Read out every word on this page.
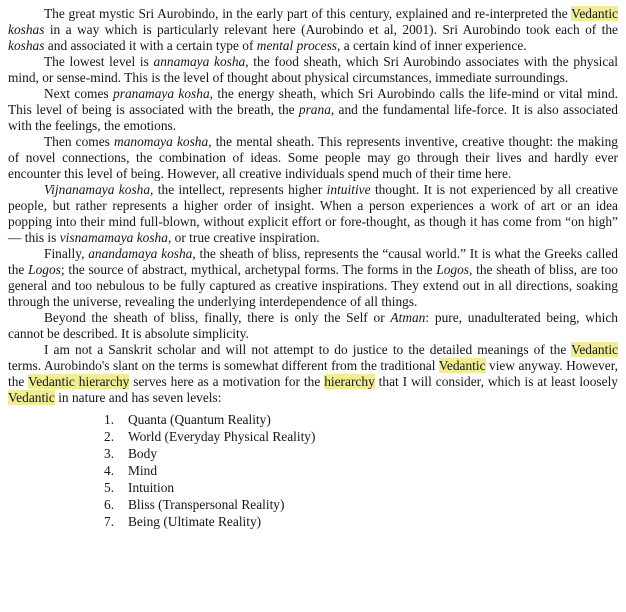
The great mystic Sri Aurobindo, in the early part of this century, explained and re-interpreted the Vedantic koshas in a way which is particularly relevant here (Aurobindo et al, 2001). Sri Aurobindo took each of the koshas and associated it with a certain type of mental process, a certain kind of inner experience.

The lowest level is annamaya kosha, the food sheath, which Sri Aurobindo associates with the physical mind, or sense-mind. This is the level of thought about physical circumstances, immediate surroundings.

Next comes pranamaya kosha, the energy sheath, which Sri Aurobindo calls the life-mind or vital mind. This level of being is associated with the breath, the prana, and the fundamental life-force. It is also associated with the feelings, the emotions.

Then comes manomaya kosha, the mental sheath. This represents inventive, creative thought: the making of novel connections, the combination of ideas. Some people may go through their lives and hardly ever encounter this level of being. However, all creative individuals spend much of their time here.

Vijnanamaya kosha, the intellect, represents higher intuitive thought. It is not experienced by all creative people, but rather represents a higher order of insight. When a person experiences a work of art or an idea popping into their mind full-blown, without explicit effort or fore-thought, as though it has come from “on high” — this is visnamamaya kosha, or true creative inspiration.

Finally, anandamaya kosha, the sheath of bliss, represents the “causal world.” It is what the Greeks called the Logos; the source of abstract, mythical, archetypal forms. The forms in the Logos, the sheath of bliss, are too general and too nebulous to be fully captured as creative inspirations. They extend out in all directions, soaking through the universe, revealing the underlying interdependence of all things.

Beyond the sheath of bliss, finally, there is only the Self or Atman: pure, unadulterated being, which cannot be described. It is absolute simplicity.

I am not a Sanskrit scholar and will not attempt to do justice to the detailed meanings of the Vedantic terms. Aurobindo's slant on the terms is somewhat different from the traditional Vedantic view anyway. However, the Vedantic hierarchy serves here as a motivation for the hierarchy that I will consider, which is at least loosely Vedantic in nature and has seven levels:

1. Quanta (Quantum Reality)
2. World (Everyday Physical Reality)
3. Body
4. Mind
5. Intuition
6. Bliss (Transpersonal Reality)
7. Being (Ultimate Reality)
